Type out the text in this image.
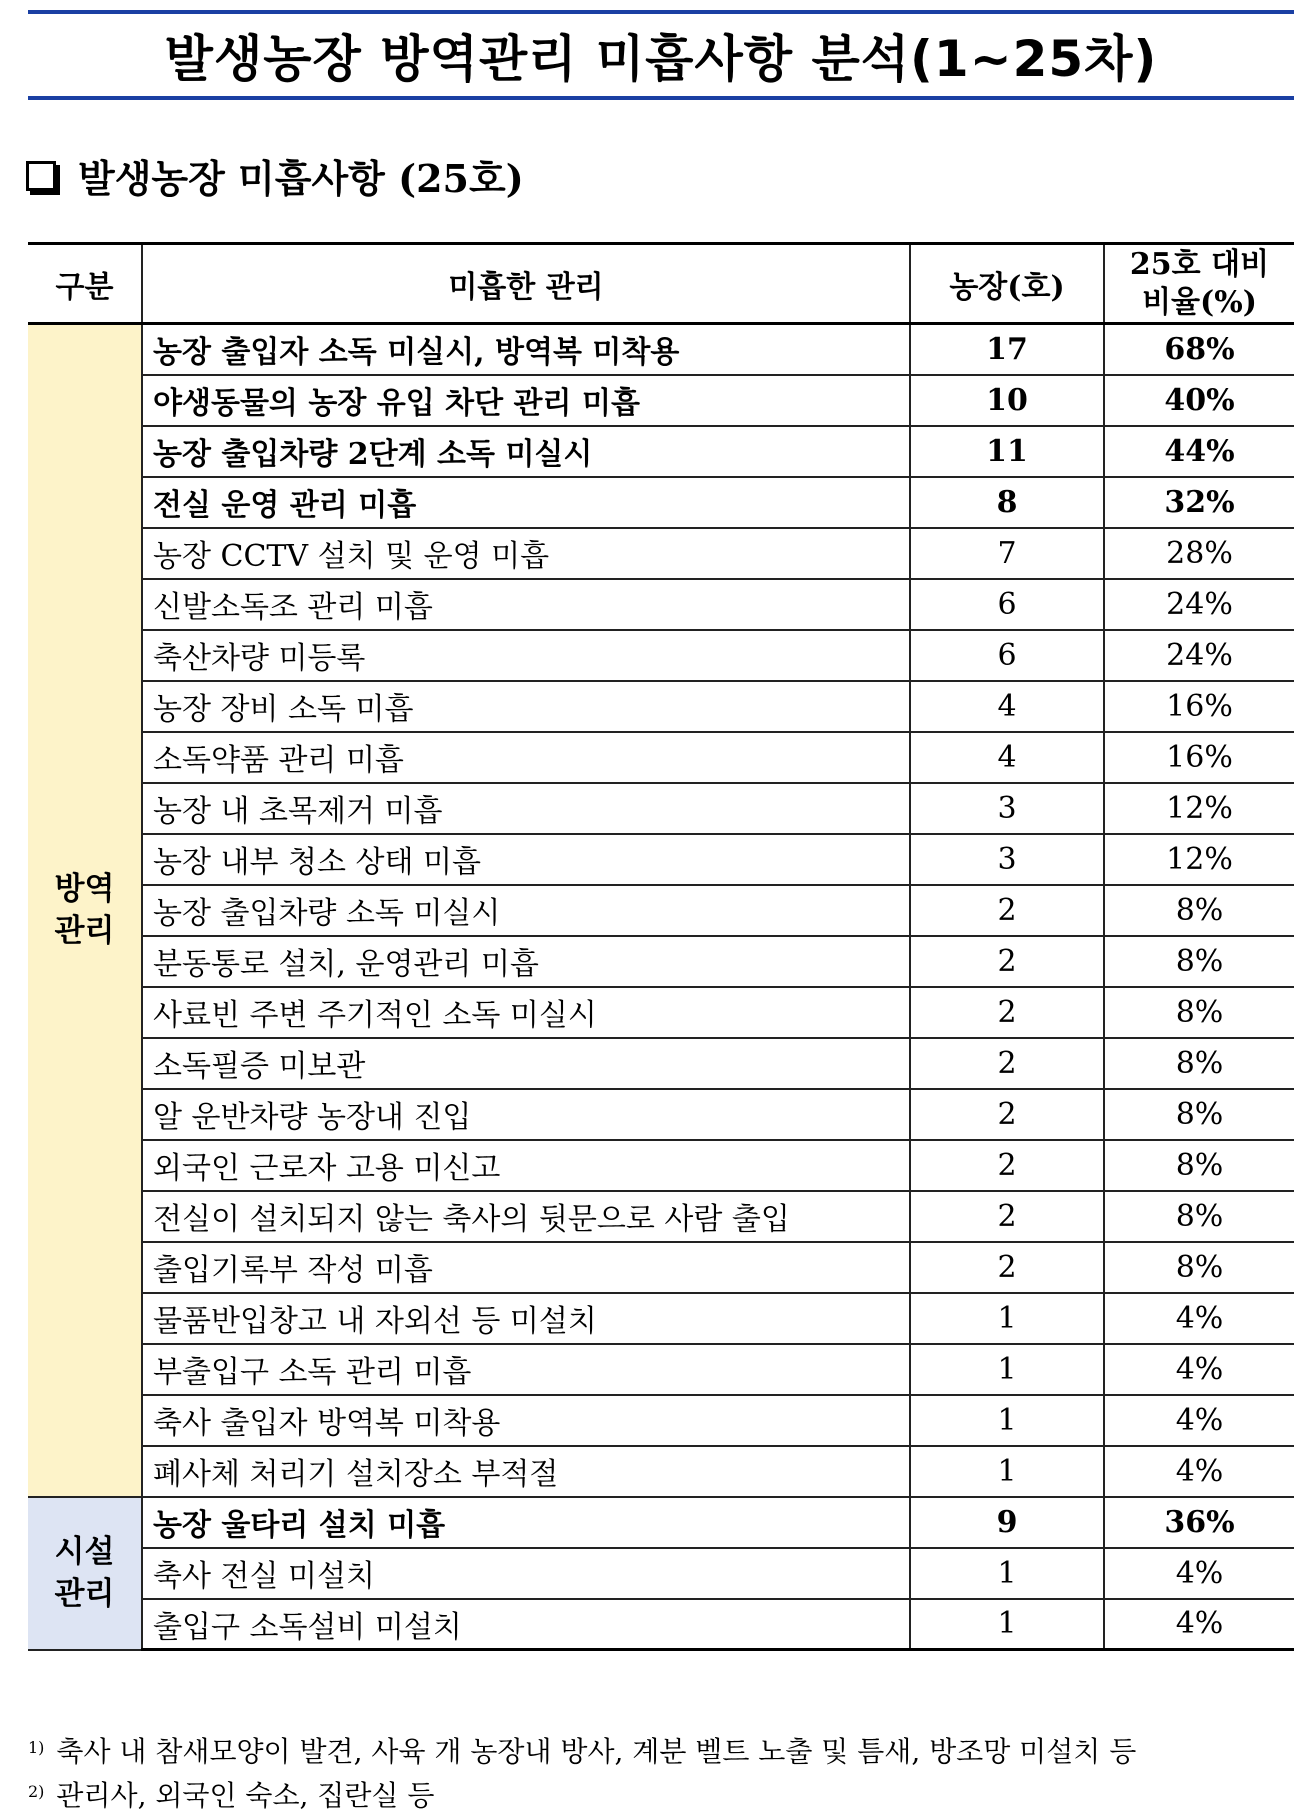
발생농장 방역관리 미흡사항 분석(1~25차)
발생농장 미흡사항 (25호)
구분	미흡한 관리	농장(호)	25호 대비
비율(%)

방역
관리	농장 출입자 소독 미실시, 방역복 미착용	17	68%
	야생동물의 농장 유입 차단 관리 미흡	10	40%
	농장 출입차량 2단계 소독 미실시	11	44%
	전실 운영 관리 미흡	8	32%
	농장 CCTV 설치 및 운영 미흡	7	28%
	신발소독조 관리 미흡	6	24%
	축산차량 미등록	6	24%
	농장 장비 소독 미흡	4	16%
	소독약품 관리 미흡	4	16%
	농장 내 초목제거 미흡	3	12%
	농장 내부 청소 상태 미흡	3	12%
	농장 출입차량 소독 미실시	2	8%
	분동통로 설치, 운영관리 미흡	2	8%
	사료빈 주변 주기적인 소독 미실시	2	8%
	소독필증 미보관	2	8%
	알 운반차량 농장내 진입	2	8%
	외국인 근로자 고용 미신고	2	8%
	전실이 설치되지 않는 축사의 뒷문으로 사람 출입	2	8%
	출입기록부 작성 미흡	2	8%
	물품반입창고 내 자외선 등 미설치	1	4%
	부출입구 소독 관리 미흡	1	4%
	축사 출입자 방역복 미착용	1	4%
	폐사체 처리기 설치장소 부적절	1	4%

시설
관리	농장 울타리 설치 미흡	9	36%
	축사 전실 미설치	1	4%
	출입구 소독설비 미설치	1	4%
1) 축사 내 참새모양이 발견, 사육 개 농장내 방사, 계분 벨트 노출 및 틈새, 방조망 미설치 등
2) 관리사, 외국인 숙소, 집란실 등
